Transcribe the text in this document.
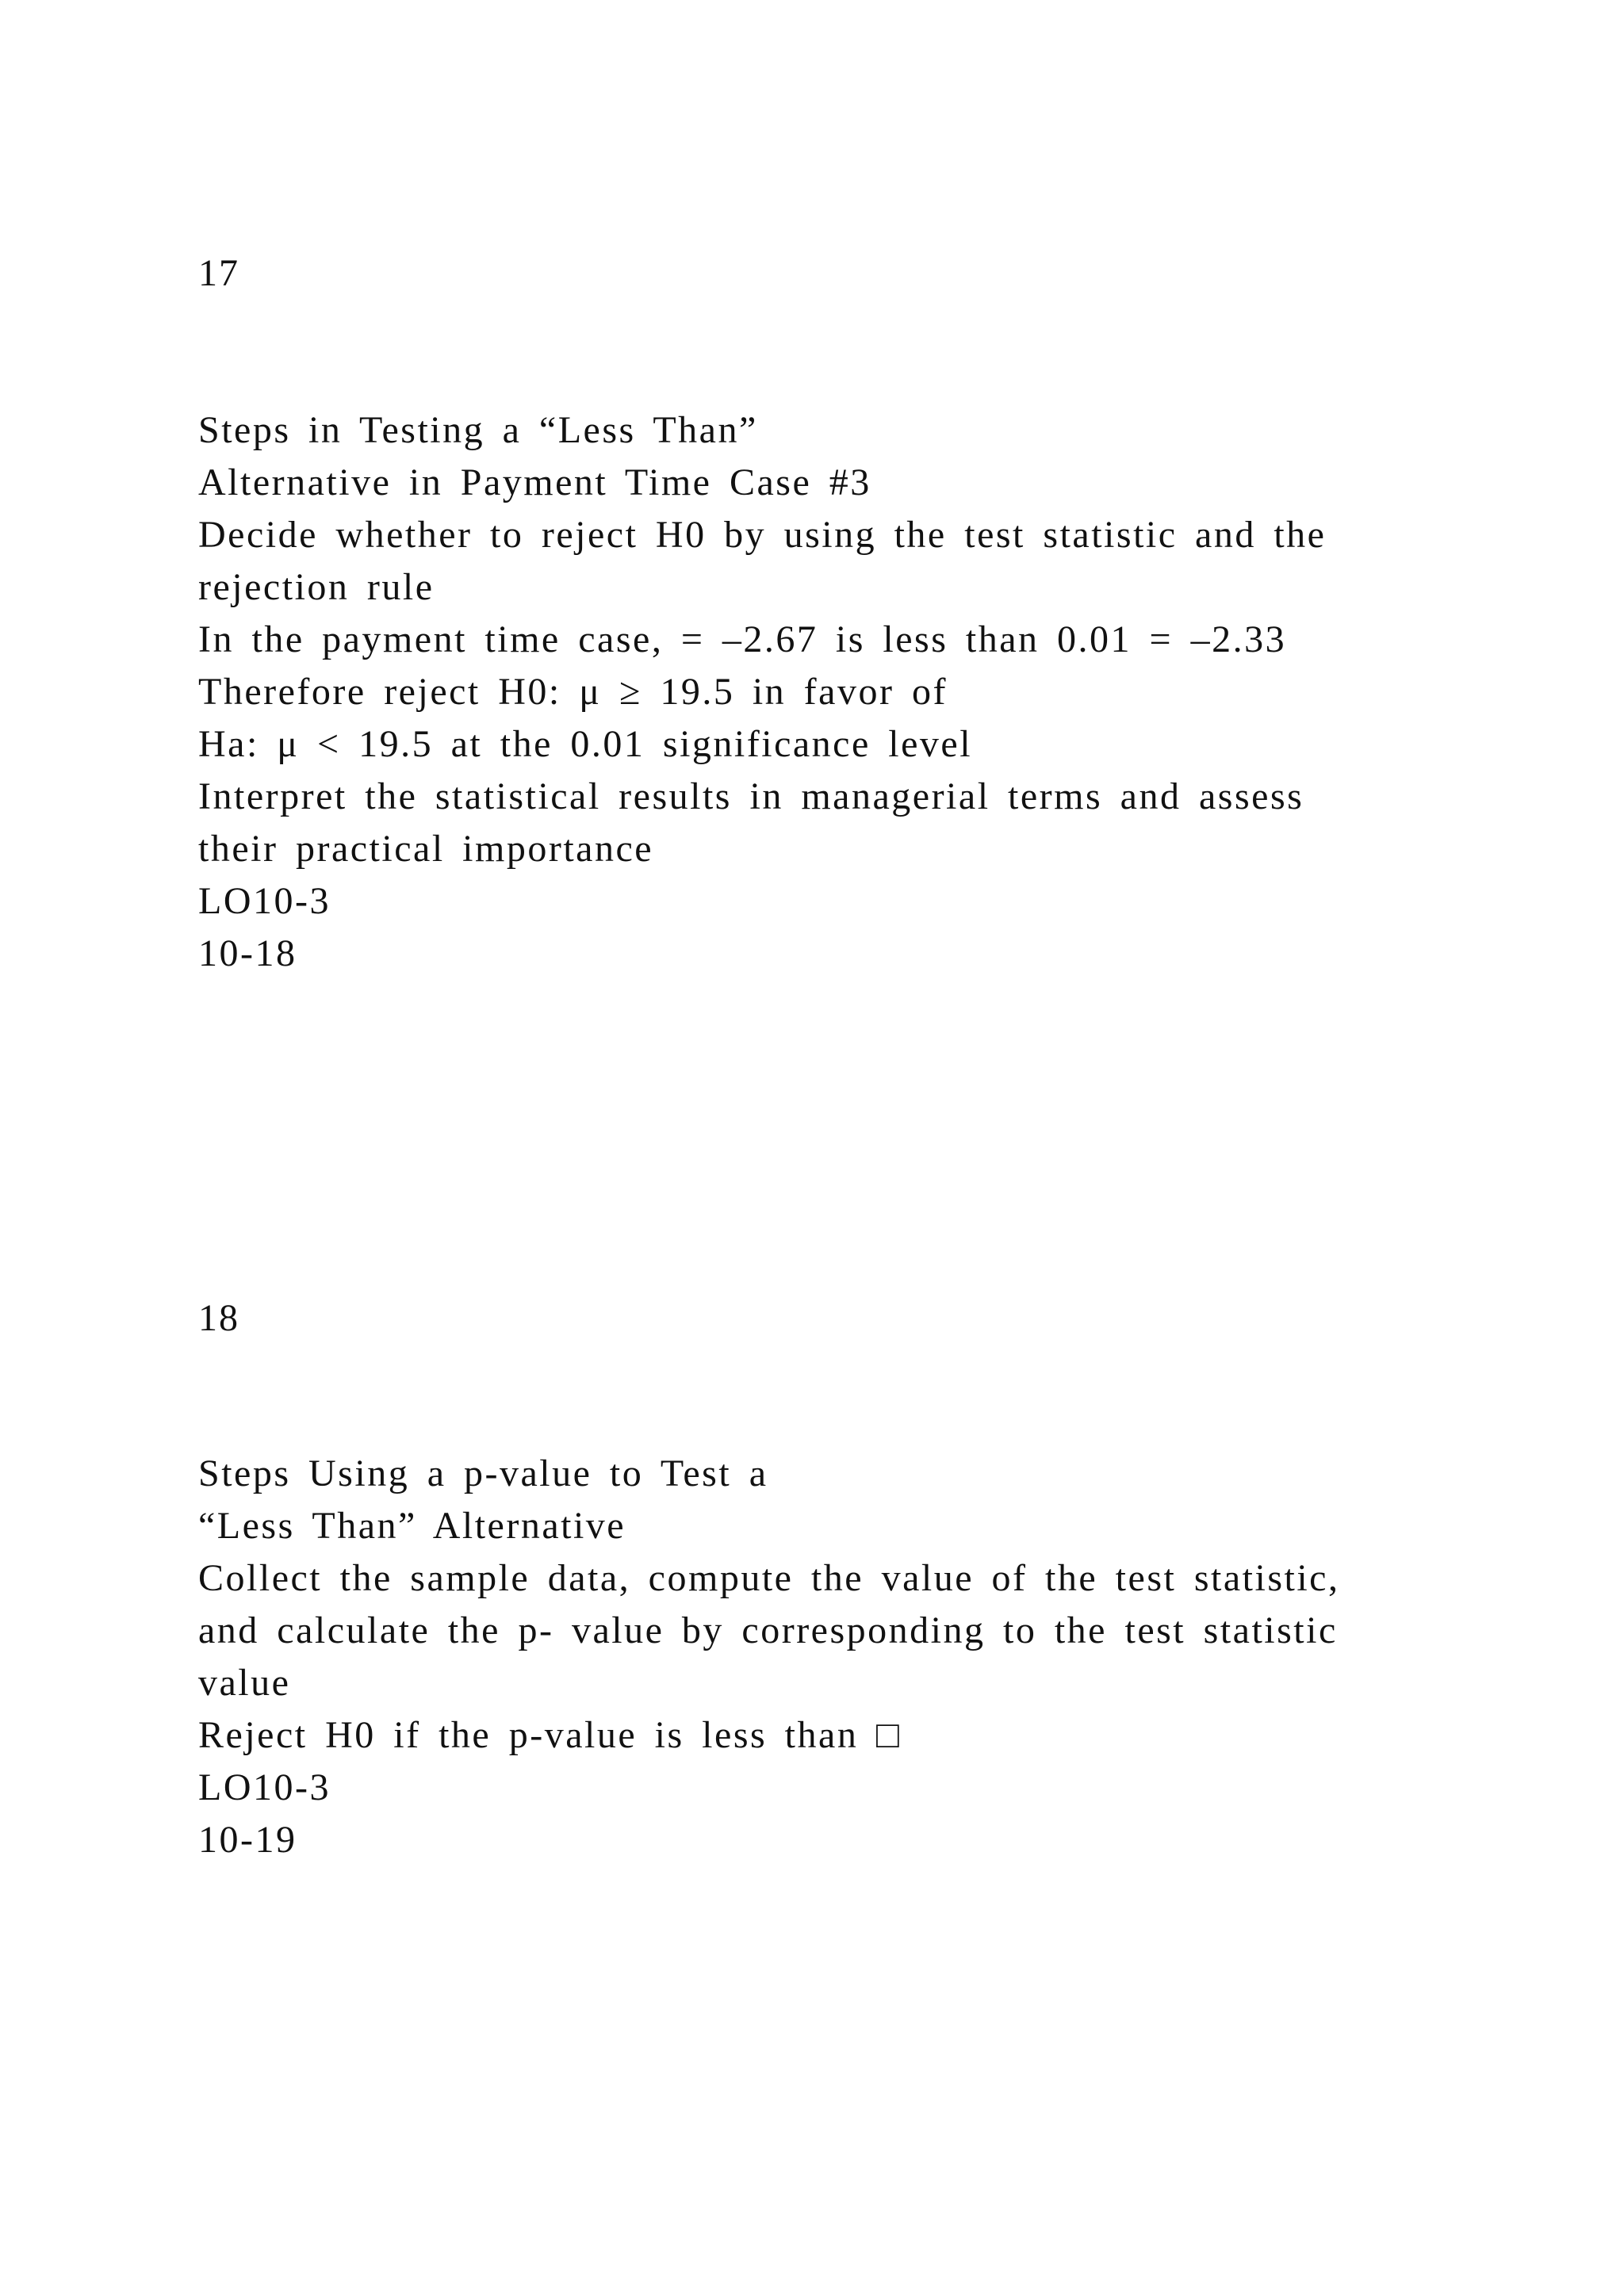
17
Steps in Testing a “Less Than”
Alternative in Payment Time Case #3
Decide whether to reject H0 by using the test statistic and the
rejection rule
In the payment time case, = –2.67 is less than 0.01 = –2.33
Therefore reject H0: μ ≥ 19.5 in favor of
Ha: μ < 19.5 at the 0.01 significance level
Interpret the statistical results in managerial terms and assess
their practical importance
LO10-3
10-18
18
Steps Using a p-value to Test a
“Less Than” Alternative
Collect the sample data, compute the value of the test statistic,
and calculate the p- value by corresponding to the test statistic
value
Reject H0 if the p-value is less than □
LO10-3
10-19
